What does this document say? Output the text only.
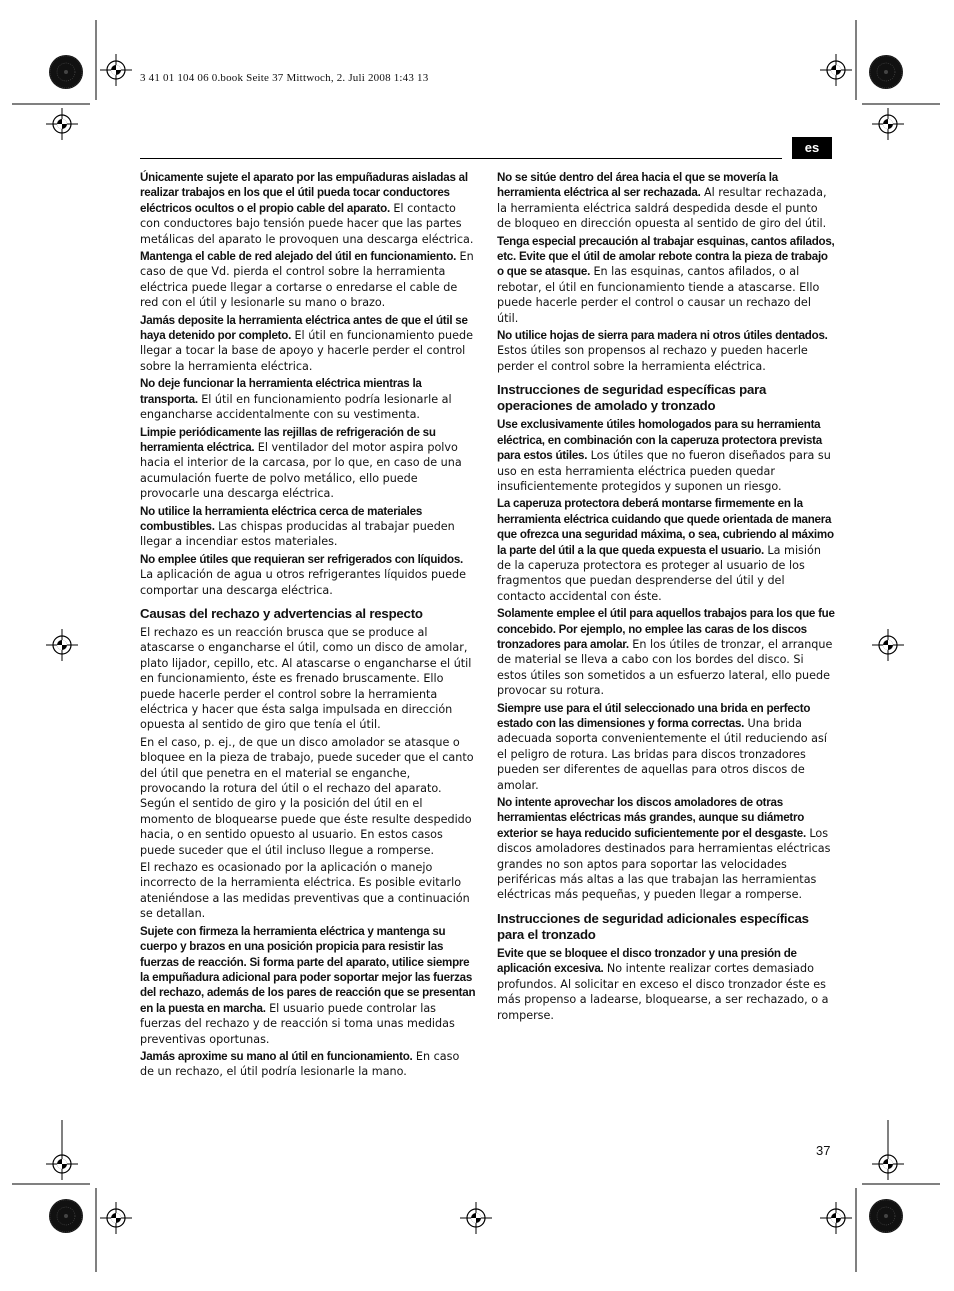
3 41 01 104 06 0.book Seite 37 Mittwoch, 2. Juli 2008 1:43 13
es

Únicamente sujete el aparato por las empuñaduras aisladas al realizar trabajos en los que el útil pueda tocar conductores eléctricos ocultos o el propio cable del aparato. El contacto con conductores bajo tensión puede hacer que las partes metálicas del aparato le provoquen una descarga eléctrica.

Mantenga el cable de red alejado del útil en funcionamiento. En caso de que Vd. pierda el control sobre la herramienta eléctrica puede llegar a cortarse o enredarse el cable de red con el útil y lesionarle su mano o brazo.

Jamás deposite la herramienta eléctrica antes de que el útil se haya detenido por completo. El útil en funcionamiento puede llegar a tocar la base de apoyo y hacerle perder el control sobre la herramienta eléctrica.

No deje funcionar la herramienta eléctrica mientras la transporta. El útil en funcionamiento podría lesionarle al engancharse accidentalmente con su vestimenta.

Limpie periódicamente las rejillas de refrigeración de su herramienta eléctrica. El ventilador del motor aspira polvo hacia el interior de la carcasa, por lo que, en caso de una acumulación fuerte de polvo metálico, ello puede provocarle una descarga eléctrica.

No utilice la herramienta eléctrica cerca de materiales combustibles. Las chispas producidas al trabajar pueden llegar a incendiar estos materiales.

No emplee útiles que requieran ser refrigerados con líquidos. La aplicación de agua u otros refrigerantes líquidos puede comportar una descarga eléctrica.

Causas del rechazo y advertencias al respecto

El rechazo es un reacción brusca que se produce al atascarse o engancharse el útil, como un disco de amolar, plato lijador, cepillo, etc. Al atascarse o engancharse el útil en funcionamiento, éste es frenado bruscamente. Ello puede hacerle perder el control sobre la herramienta eléctrica y hacer que ésta salga impulsada en dirección opuesta al sentido de giro que tenía el útil.

En el caso, p. ej., de que un disco amolador se atasque o bloquee en la pieza de trabajo, puede suceder que el canto del útil que penetra en el material se enganche, provocando la rotura del útil o el rechazo del aparato. Según el sentido de giro y la posición del útil en el momento de bloquearse puede que éste resulte despedido hacia, o en sentido opuesto al usuario. En estos casos puede suceder que el útil incluso llegue a romperse.

El rechazo es ocasionado por la aplicación o manejo incorrecto de la herramienta eléctrica. Es posible evitarlo ateniéndose a las medidas preventivas que a continuación se detallan.

Sujete con firmeza la herramienta eléctrica y mantenga su cuerpo y brazos en una posición propicia para resistir las fuerzas de reacción. Si forma parte del aparato, utilice siempre la empuñadura adicional para poder soportar mejor las fuerzas del rechazo, además de los pares de reacción que se presentan en la puesta en marcha. El usuario puede controlar las fuerzas del rechazo y de reacción si toma unas medidas preventivas oportunas.

Jamás aproxime su mano al útil en funcionamiento. En caso de un rechazo, el útil podría lesionarle la mano.

No se sitúe dentro del área hacia el que se movería la herramienta eléctrica al ser rechazada. Al resultar rechazada, la herramienta eléctrica saldrá despedida desde el punto de bloqueo en dirección opuesta al sentido de giro del útil.

Tenga especial precaución al trabajar esquinas, cantos afilados, etc. Evite que el útil de amolar rebote contra la pieza de trabajo o que se atasque. En las esquinas, cantos afilados, o al rebotar, el útil en funcionamiento tiende a atascarse. Ello puede hacerle perder el control o causar un rechazo del útil.

No utilice hojas de sierra para madera ni otros útiles dentados. Estos útiles son propensos al rechazo y pueden hacerle perder el control sobre la herramienta eléctrica.

Instrucciones de seguridad específicas para operaciones de amolado y tronzado

Use exclusivamente útiles homologados para su herramienta eléctrica, en combinación con la caperuza protectora prevista para estos útiles. Los útiles que no fueron diseñados para su uso en esta herramienta eléctrica pueden quedar insuficientemente protegidos y suponen un riesgo.

La caperuza protectora deberá montarse firmemente en la herramienta eléctrica cuidando que quede orientada de manera que ofrezca una seguridad máxima, o sea, cubriendo al máximo la parte del útil a la que queda expuesta el usuario. La misión de la caperuza protectora es proteger al usuario de los fragmentos que puedan desprenderse del útil y del contacto accidental con éste.

Solamente emplee el útil para aquellos trabajos para los que fue concebido. Por ejemplo, no emplee las caras de los discos tronzadores para amolar. En los útiles de tronzar, el arranque de material se lleva a cabo con los bordes del disco. Si estos útiles son sometidos a un esfuerzo lateral, ello puede provocar su rotura.

Siempre use para el útil seleccionado una brida en perfecto estado con las dimensiones y forma correctas. Una brida adecuada soporta convenientemente el útil reduciendo así el peligro de rotura. Las bridas para discos tronzadores pueden ser diferentes de aquellas para otros discos de amolar.

No intente aprovechar los discos amoladores de otras herramientas eléctricas más grandes, aunque su diámetro exterior se haya reducido suficientemente por el desgaste. Los discos amoladores destinados para herramientas eléctricas grandes no son aptos para soportar las velocidades periféricas más altas a las que trabajan las herramientas eléctricas más pequeñas, y pueden llegar a romperse.

Instrucciones de seguridad adicionales específicas para el tronzado

Evite que se bloquee el disco tronzador y una presión de aplicación excesiva. No intente realizar cortes demasiado profundos. Al solicitar en exceso el disco tronzador éste es más propenso a ladearse, bloquearse, a ser rechazado, o a romperse.

37
